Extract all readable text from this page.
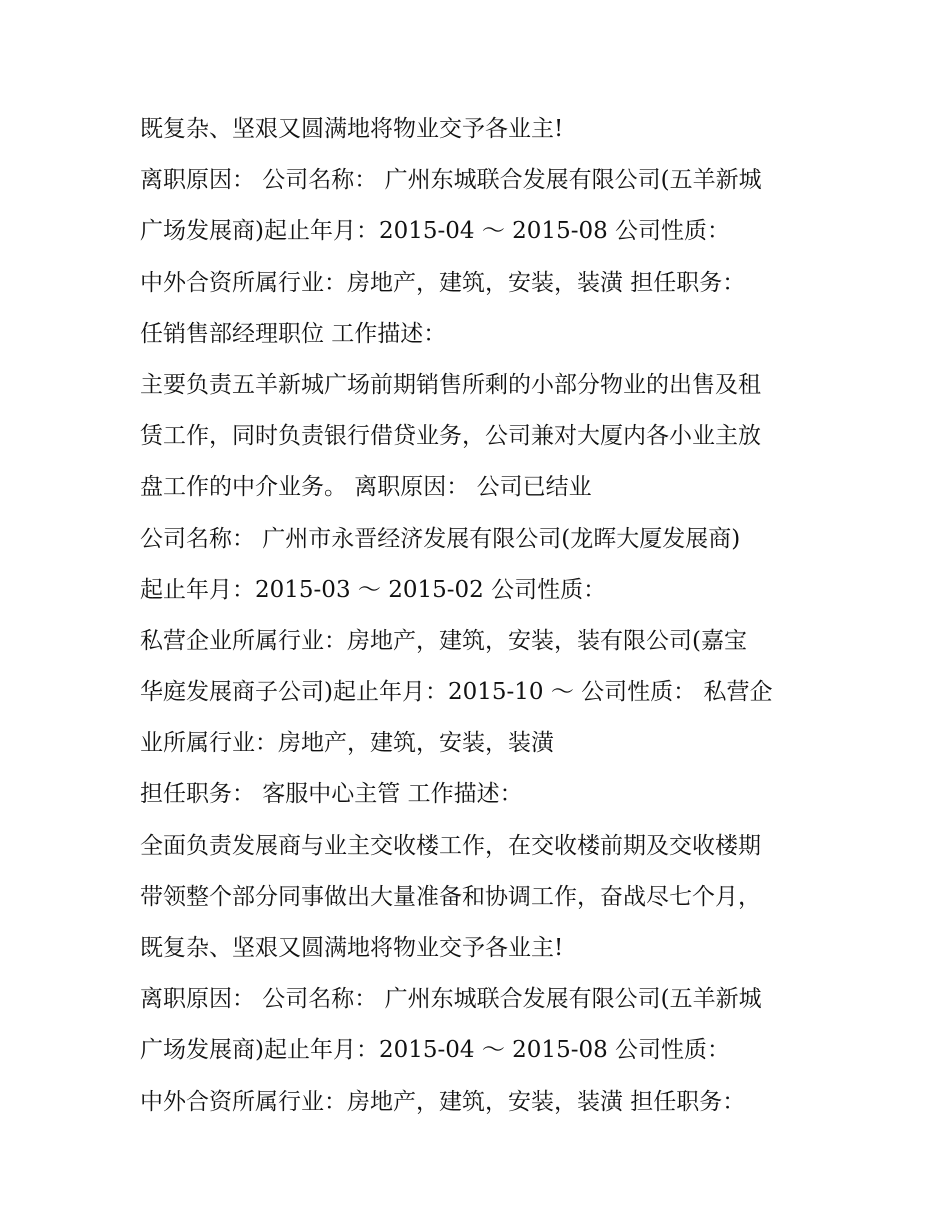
既复杂、坚艰又圆满地将物业交予各业主!
离职原因： 公司名称： 广州东城联合发展有限公司(五羊新城
广场发展商)起止年月：2015-04 ～ 2015-08 公司性质：
中外合资所属行业：房地产，建筑，安装，装潢 担任职务：
任销售部经理职位 工作描述：
主要负责五羊新城广场前期销售所剩的小部分物业的出售及租
赁工作，同时负责银行借贷业务，公司兼对大厦内各小业主放
盘工作的中介业务。 离职原因： 公司已结业
公司名称： 广州市永晋经济发展有限公司(龙晖大厦发展商)
起止年月：2015-03 ～ 2015-02 公司性质：
私营企业所属行业：房地产，建筑，安装，装有限公司(嘉宝
华庭发展商子公司)起止年月：2015-10 ～ 公司性质： 私营企
业所属行业：房地产，建筑，安装，装潢
担任职务： 客服中心主管 工作描述：
全面负责发展商与业主交收楼工作，在交收楼前期及交收楼期
带领整个部分同事做出大量准备和协调工作，奋战尽七个月，
既复杂、坚艰又圆满地将物业交予各业主!
离职原因： 公司名称： 广州东城联合发展有限公司(五羊新城
广场发展商)起止年月：2015-04 ～ 2015-08 公司性质：
中外合资所属行业：房地产，建筑，安装，装潢 担任职务：
